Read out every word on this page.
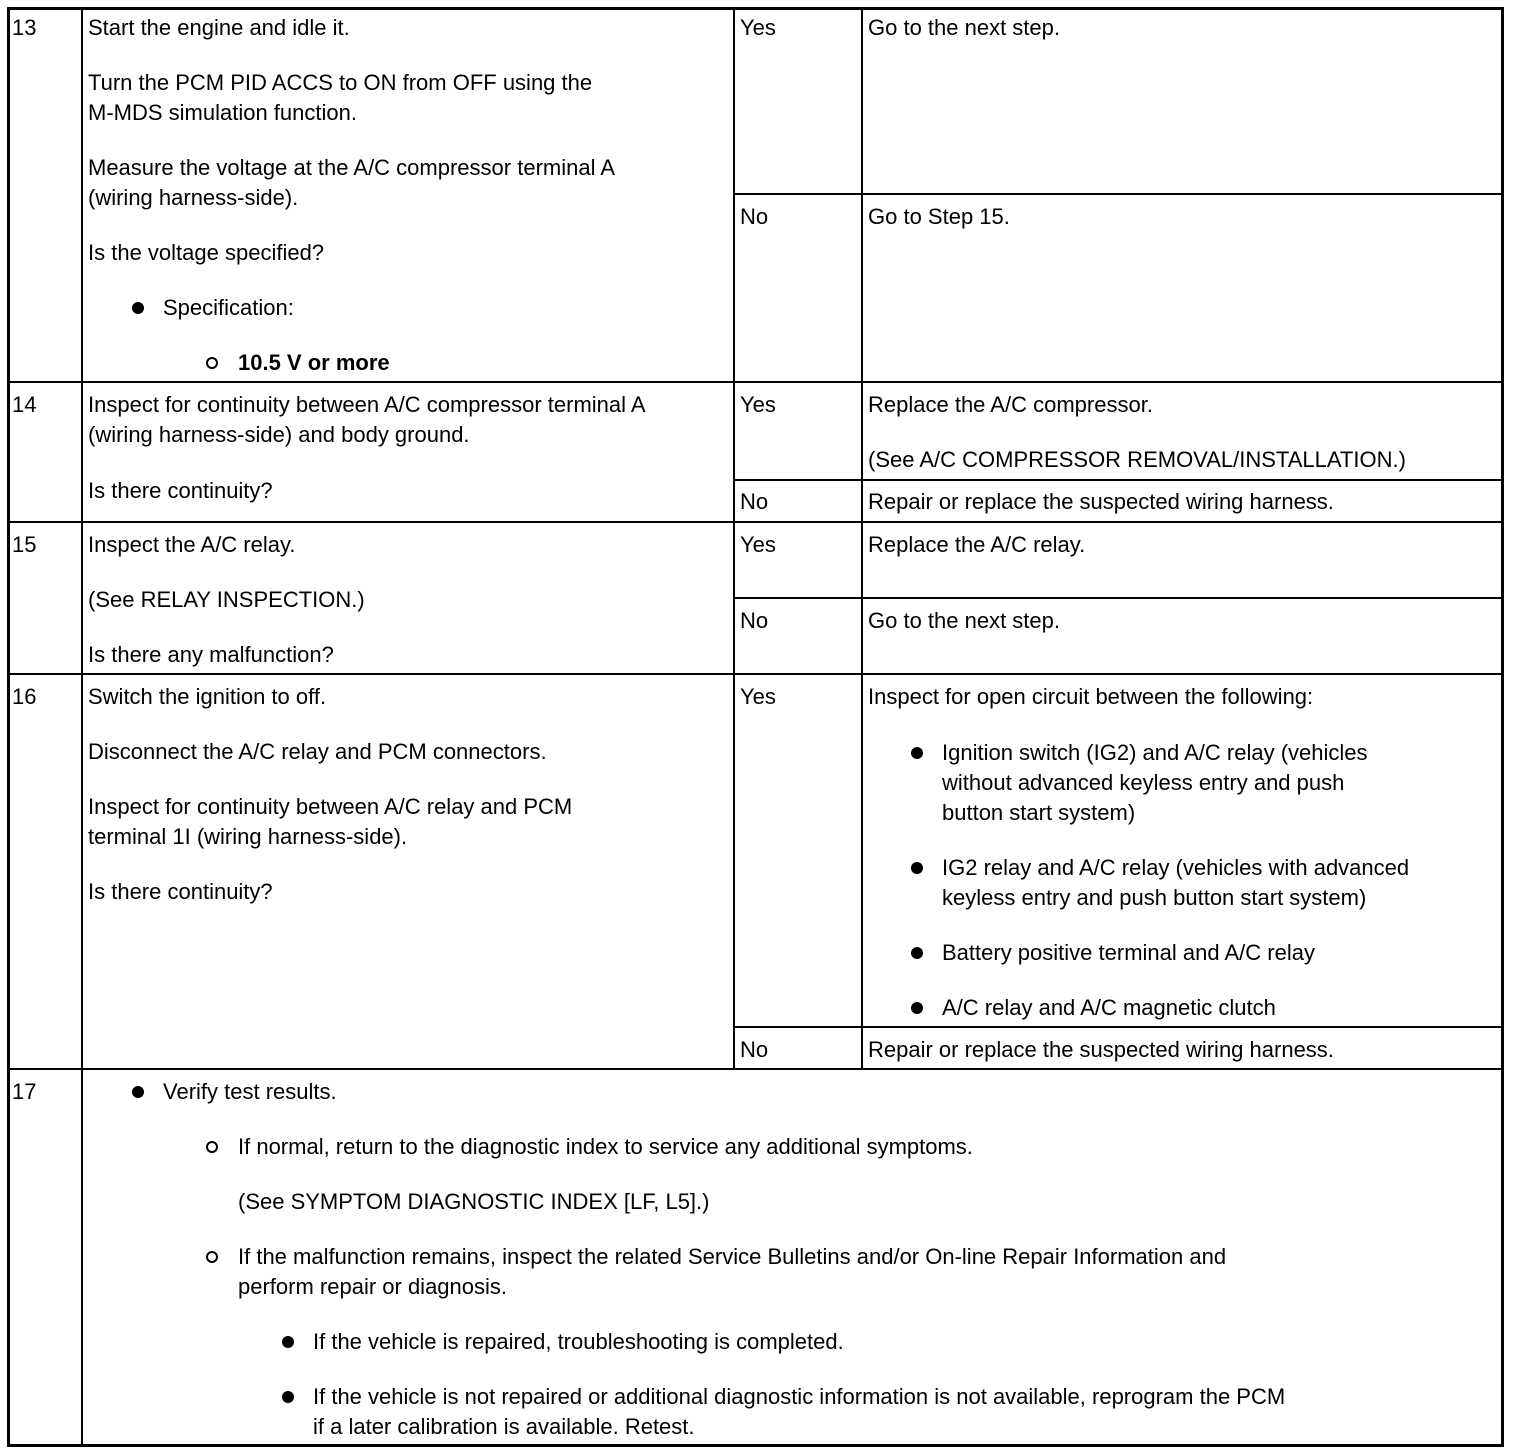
13 Start the engine and idle it.
Turn the PCM PID ACCS to ON from OFF using the
M-MDS simulation function.
Measure the voltage at the A/C compressor terminal A
(wiring harness-side).
Is the voltage specified?
Specification:
10.5 V or more
Yes	Go to the next step.
No	Go to Step 15.
14 Inspect for continuity between A/C compressor terminal A
(wiring harness-side) and body ground.
Is there continuity?
Yes	Replace the A/C compressor.
(See A/C COMPRESSOR REMOVAL/INSTALLATION.)
No	Repair or replace the suspected wiring harness.
15 Inspect the A/C relay.
(See RELAY INSPECTION.)
Is there any malfunction?
Yes	Replace the A/C relay.
No	Go to the next step.
16 Switch the ignition to off.
Disconnect the A/C relay and PCM connectors.
Inspect for continuity between A/C relay and PCM
terminal 1I (wiring harness-side).
Is there continuity?
Yes	Inspect for open circuit between the following:
Ignition switch (IG2) and A/C relay (vehicles
without advanced keyless entry and push
button start system)
IG2 relay and A/C relay (vehicles with advanced
keyless entry and push button start system)
Battery positive terminal and A/C relay
A/C relay and A/C magnetic clutch
No	Repair or replace the suspected wiring harness.
17	Verify test results.
If normal, return to the diagnostic index to service any additional symptoms.
(See SYMPTOM DIAGNOSTIC INDEX [LF, L5].)
If the malfunction remains, inspect the related Service Bulletins and/or On-line Repair Information and
perform repair or diagnosis.
If the vehicle is repaired, troubleshooting is completed.
If the vehicle is not repaired or additional diagnostic information is not available, reprogram the PCM
if a later calibration is available. Retest.
